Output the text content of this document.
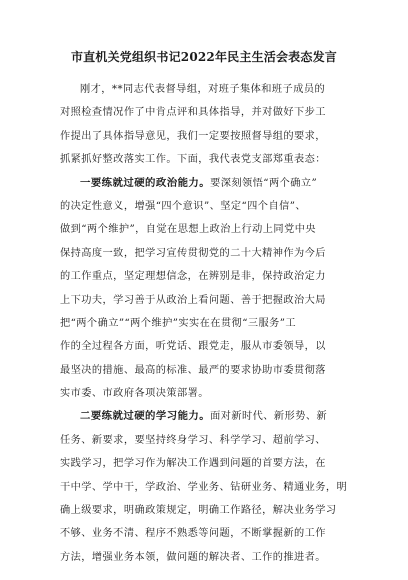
市直机关党组织书记2022年民主生活会表态发言
刚才，**同志代表督导组，对班子集体和班子成员的
对照检查情况作了中肯点评和具体指导，并对做好下步工
作提出了具体指导意见，我们一定要按照督导组的要求，
抓紧抓好整改落实工作。下面，我代表党支部郑重表态：
一要练就过硬的政治能力。要深刻领悟“两个确立”
的决定性意义，增强“四个意识”、坚定“四个自信”、
做到“两个维护”，自觉在思想上政治上行动上同党中央
保持高度一致，把学习宣传贯彻党的二十大精神作为今后
的工作重点，坚定理想信念，在辨别是非，保持政治定力
上下功夫，学习善于从政治上看问题、善于把握政治大局
把“两个确立”“两个维护”实实在在贯彻“三服务”工
作的全过程各方面，听党话、跟党走，服从市委领导，以
最坚决的措施、最高的标准、最严的要求协助市委贯彻落
实市委、市政府各项决策部署。
二要练就过硬的学习能力。面对新时代、新形势、新
任务、新要求，要坚持终身学习、科学学习、超前学习、
实践学习，把学习作为解决工作遇到问题的首要方法，在
干中学、学中干，学政治、学业务、钻研业务、精通业务，明
确上级要求，明确政策规定，明确工作路径，解决业务学习
不够、业务不清、程序不熟悉等问题，不断掌握新的工作
方法，增强业务本领，做问题的解决者、工作的推进者。
